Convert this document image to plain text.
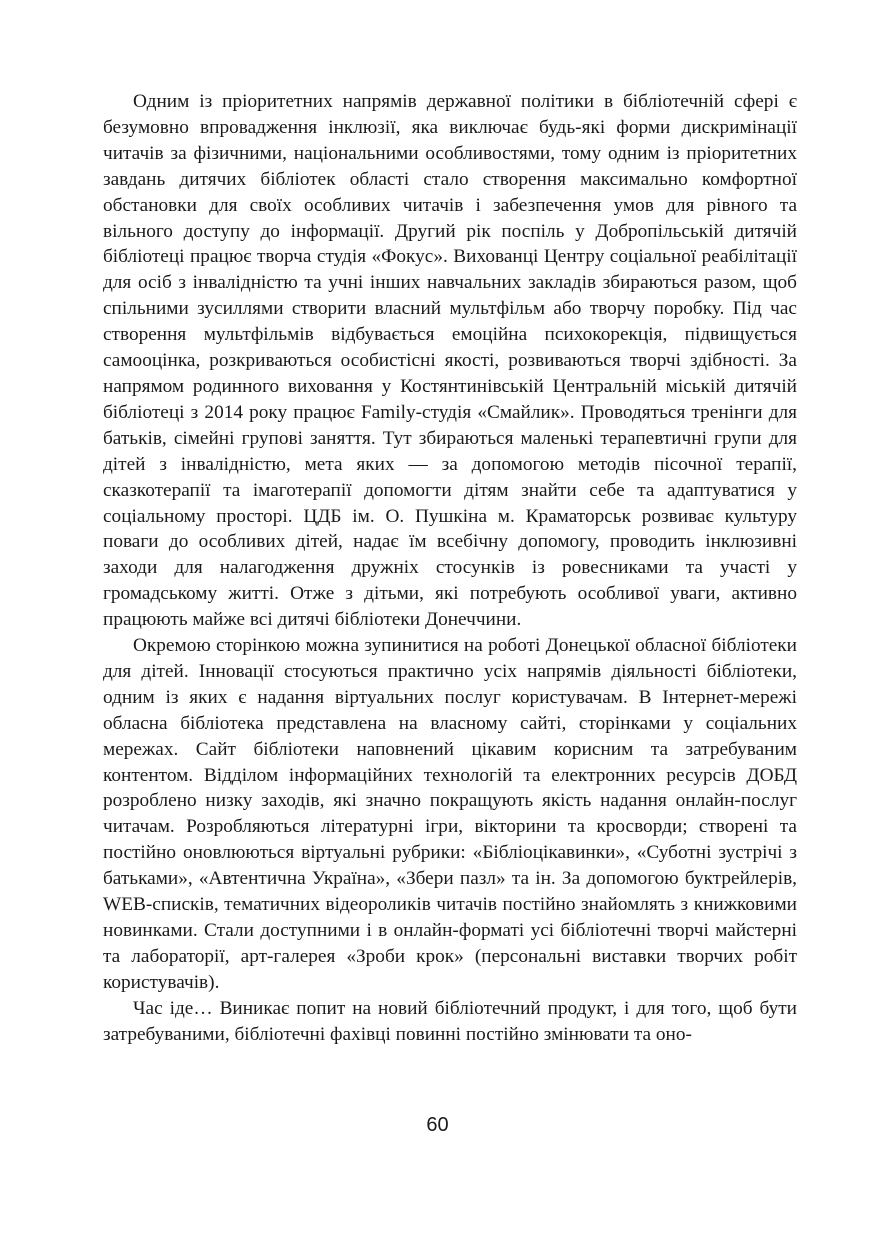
Одним із пріоритетних напрямів державної політики в бібліотечній сфері є безумовно впровадження інклюзії, яка виключає будь-які форми дискримінації читачів за фізичними, національними особливостями, тому одним із пріоритетних завдань дитячих бібліотек області стало створення максимально комфортної обстановки для своїх особливих читачів і забезпечення умов для рівного та вільного доступу до інформації. Другий рік поспіль у Добропільській дитячій бібліотеці працює творча студія «Фокус». Вихованці Центру соціальної реабілітації для осіб з інвалідністю та учні інших навчальних закладів збираються разом, щоб спільними зусиллями створити власний мультфільм або творчу поробку. Під час створення мультфільмів відбувається емоційна психокорекція, підвищується самооцінка, розкриваються особистісні якості, розвиваються творчі здібності. За напрямом родинного виховання у Костянтинівській Центральній міській дитячій бібліотеці з 2014 року працює Family-студія «Смайлик». Проводяться тренінги для батьків, сімейні групові заняття. Тут збираються маленькі терапевтичні групи для дітей з інвалідністю, мета яких — за допомогою методів пісочної терапії, сказкотерапії та імаготерапії допомогти дітям знайти себе та адаптуватися у соціальному просторі. ЦДБ ім. О. Пушкіна м. Краматорськ розвиває культуру поваги до особливих дітей, надає їм всебічну допомогу, проводить інклюзивні заходи для налагодження дружніх стосунків із ровесниками та участі у громадському житті. Отже з дітьми, які потребують особливої уваги, активно працюють майже всі дитячі бібліотеки Донеччини.

Окремою сторінкою можна зупинитися на роботі Донецької обласної бібліотеки для дітей. Інновації стосуються практично усіх напрямів діяльності бібліотеки, одним із яких є надання віртуальних послуг користувачам. В Інтернет-мережі обласна бібліотека представлена на власному сайті, сторінками у соціальних мережах. Сайт бібліотеки наповнений цікавим корисним та затребуваним контентом. Відділом інформаційних технологій та електронних ресурсів ДОБД розроблено низку заходів, які значно покращують якість надання онлайн-послуг читачам. Розробляються літературні ігри, вікторини та кросворди; створені та постійно оновлюються віртуальні рубрики: «Бібліоцікавинки», «Суботні зустрічі з батьками», «Автентична Україна», «Збери пазл» та ін. За допомогою буктрейлерів, WEB-списків, тематичних відеороликів читачів постійно знайомлять з книжковими новинками. Стали доступними і в онлайн-форматі усі бібліотечні творчі майстерні та лабораторії, арт-галерея «Зроби крок» (персональні виставки творчих робіт користувачів).

Час іде… Виникає попит на новий бібліотечний продукт, і для того, щоб бути затребуваними, бібліотечні фахівці повинні постійно змінювати та оно-

60
